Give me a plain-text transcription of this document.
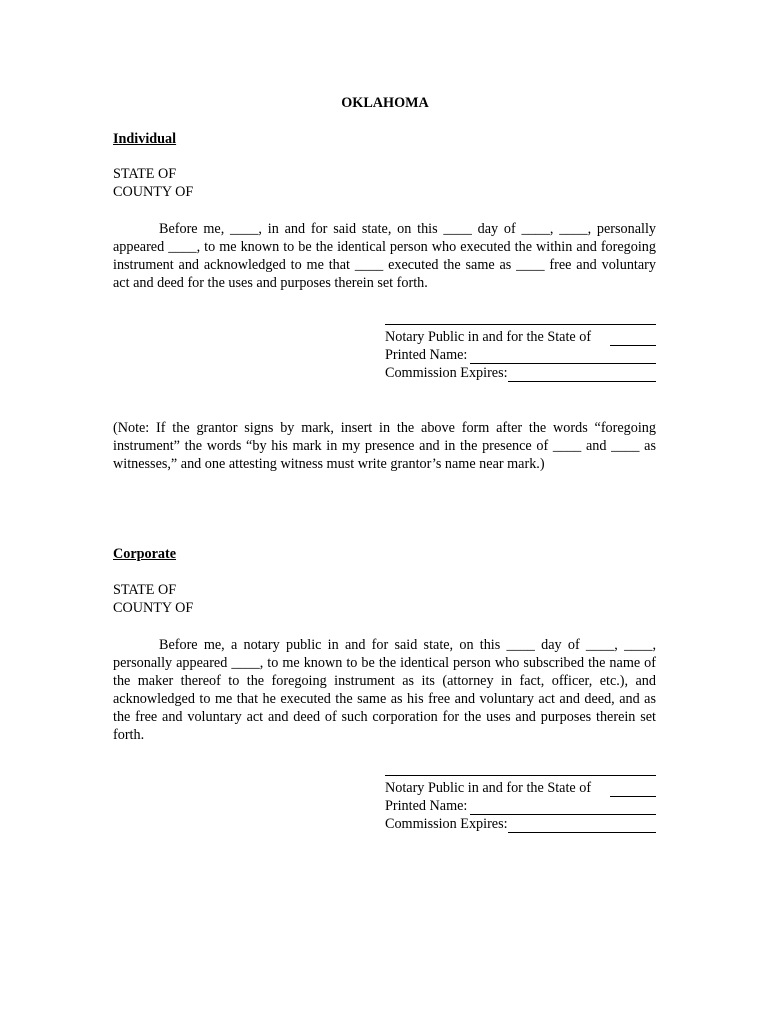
OKLAHOMA
Individual
STATE OF
COUNTY OF

Before me, ____, in and for said state, on this ____ day of ____, ____, personally appeared ____, to me known to be the identical person who executed the within and foregoing instrument and acknowledged to me that ____ executed the same as ____ free and voluntary act and deed for the uses and purposes therein set forth.

Notary Public in and for the State of
Printed Name:
Commission Expires:

(Note: If the grantor signs by mark, insert in the above form after the words “foregoing instrument” the words “by his mark in my presence and in the presence of ____ and ____ as witnesses,” and one attesting witness must write grantor’s name near mark.)

Corporate
STATE OF
COUNTY OF

Before me, a notary public in and for said state, on this ____ day of ____, ____, personally appeared ____, to me known to be the identical person who subscribed the name of the maker thereof to the foregoing instrument as its (attorney in fact, officer, etc.), and acknowledged to me that he executed the same as his free and voluntary act and deed, and as the free and voluntary act and deed of such corporation for the uses and purposes therein set forth.

Notary Public in and for the State of
Printed Name:
Commission Expires:
